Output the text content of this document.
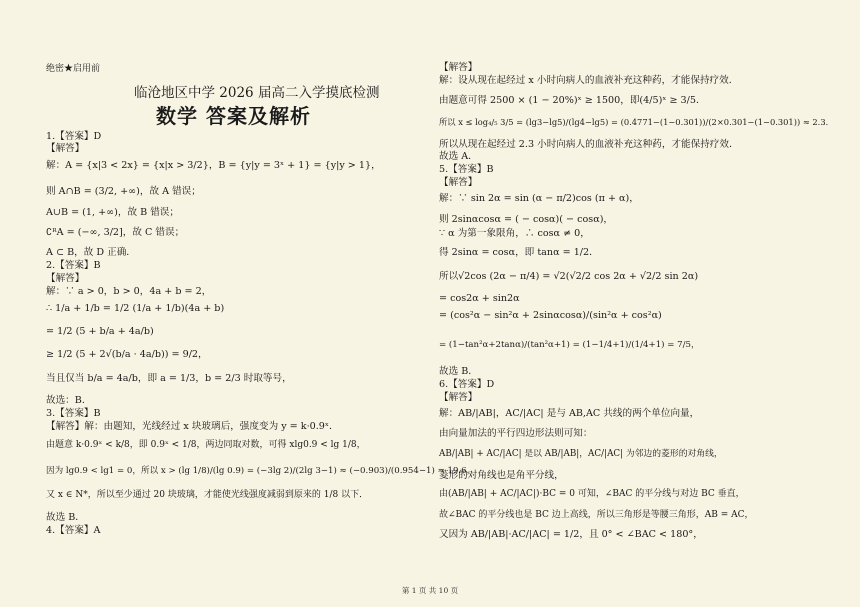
绝密★启用前
临沧地区中学 2026 届高二入学摸底检测
数学 答案及解析
1.【答案】D
【解答】
解：A = {x|3 < 2x} = {x|x > 3/2}，B = {y|y = 3ˣ + 1} = {y|y > 1}，
则 A∩B = (3/2, +∞)，故 A 错误；
A∪B = (1, +∞)，故 B 错误；
∁ᴿA = (−∞, 3/2]，故 C 错误；
A ⊂ B，故 D 正确．
2.【答案】B
【解答】
解：∵ a > 0，b > 0，4a + b = 2，
∴ 1/a + 1/b = 1/2 (1/a + 1/b)(4a + b)
= 1/2 (5 + b/a + 4a/b)
≥ 1/2 (5 + 2√(b/a · 4a/b)) = 9/2，
当且仅当 b/a = 4a/b，即 a = 1/3，b = 2/3 时取等号，
故选：B．
3.【答案】B
【解答】解：由题知，光线经过 x 块玻璃后，强度变为 y = k·0.9ˣ．
由题意 k·0.9ˣ < k/8，即 0.9ˣ < 1/8，两边同取对数，可得 xlg0.9 < lg 1/8，
因为 lg0.9 < lg1 = 0，所以 x > (lg 1/8)/(lg 0.9) = (−3lg 2)/(2lg 3−1) ≈ (−0.903)/(0.954−1) ≈ 19.6，
又 x ∈ N*，所以至少通过 20 块玻璃，才能使光线强度减弱到原来的 1/8 以下．
故选 B．
4.【答案】A
【解答】
解：设从现在起经过 x 小时向病人的血液补充这种药，才能保持疗效．
由题意可得 2500 × (1 − 20%)ˣ ≥ 1500，即(4/5)ˣ ≥ 3/5．
所以 x ≤ log₄/₅ 3/5 = (lg3−lg5)/(lg4−lg5) = (0.4771−(1−0.301))/(2×0.301−(1−0.301)) ≈ 2.3．
所以从现在起经过 2.3 小时向病人的血液补充这种药，才能保持疗效．
故选 A．
5.【答案】B
【解答】
解：∵ sin 2α = sin (α − π/2)cos (π + α)，
则 2sinαcosα = ( − cosα)( − cosα)，
∵ α 为第一象限角，∴ cosα ≠ 0，
得 2sinα = cosα，即 tanα = 1/2．
所以√2cos (2α − π/4) = √2(√2/2 cos 2α + √2/2 sin 2α)
= cos2α + sin2α
= (cos²α − sin²α + 2sinαcosα)/(sin²α + cos²α)
= (1−tan²α+2tanα)/(tan²α+1) = (1−1/4+1)/(1/4+1) = 7/5，
故选 B．
6.【答案】D
【解答】
解：AB/|AB|，AC/|AC| 是与 AB,AC 共线的两个单位向量，
由向量加法的平行四边形法则可知：
AB/|AB| + AC/|AC| 是以 AB/|AB|，AC/|AC| 为邻边的菱形的对角线，
菱形的对角线也是角平分线，
由(AB/|AB| + AC/|AC|)·BC = 0 可知，∠BAC 的平分线与对边 BC 垂直，
故∠BAC 的平分线也是 BC 边上高线，所以三角形是等腰三角形，AB = AC，
又因为 AB/|AB|·AC/|AC| = 1/2，且 0° < ∠BAC < 180°，
第 1 页 共 10 页
